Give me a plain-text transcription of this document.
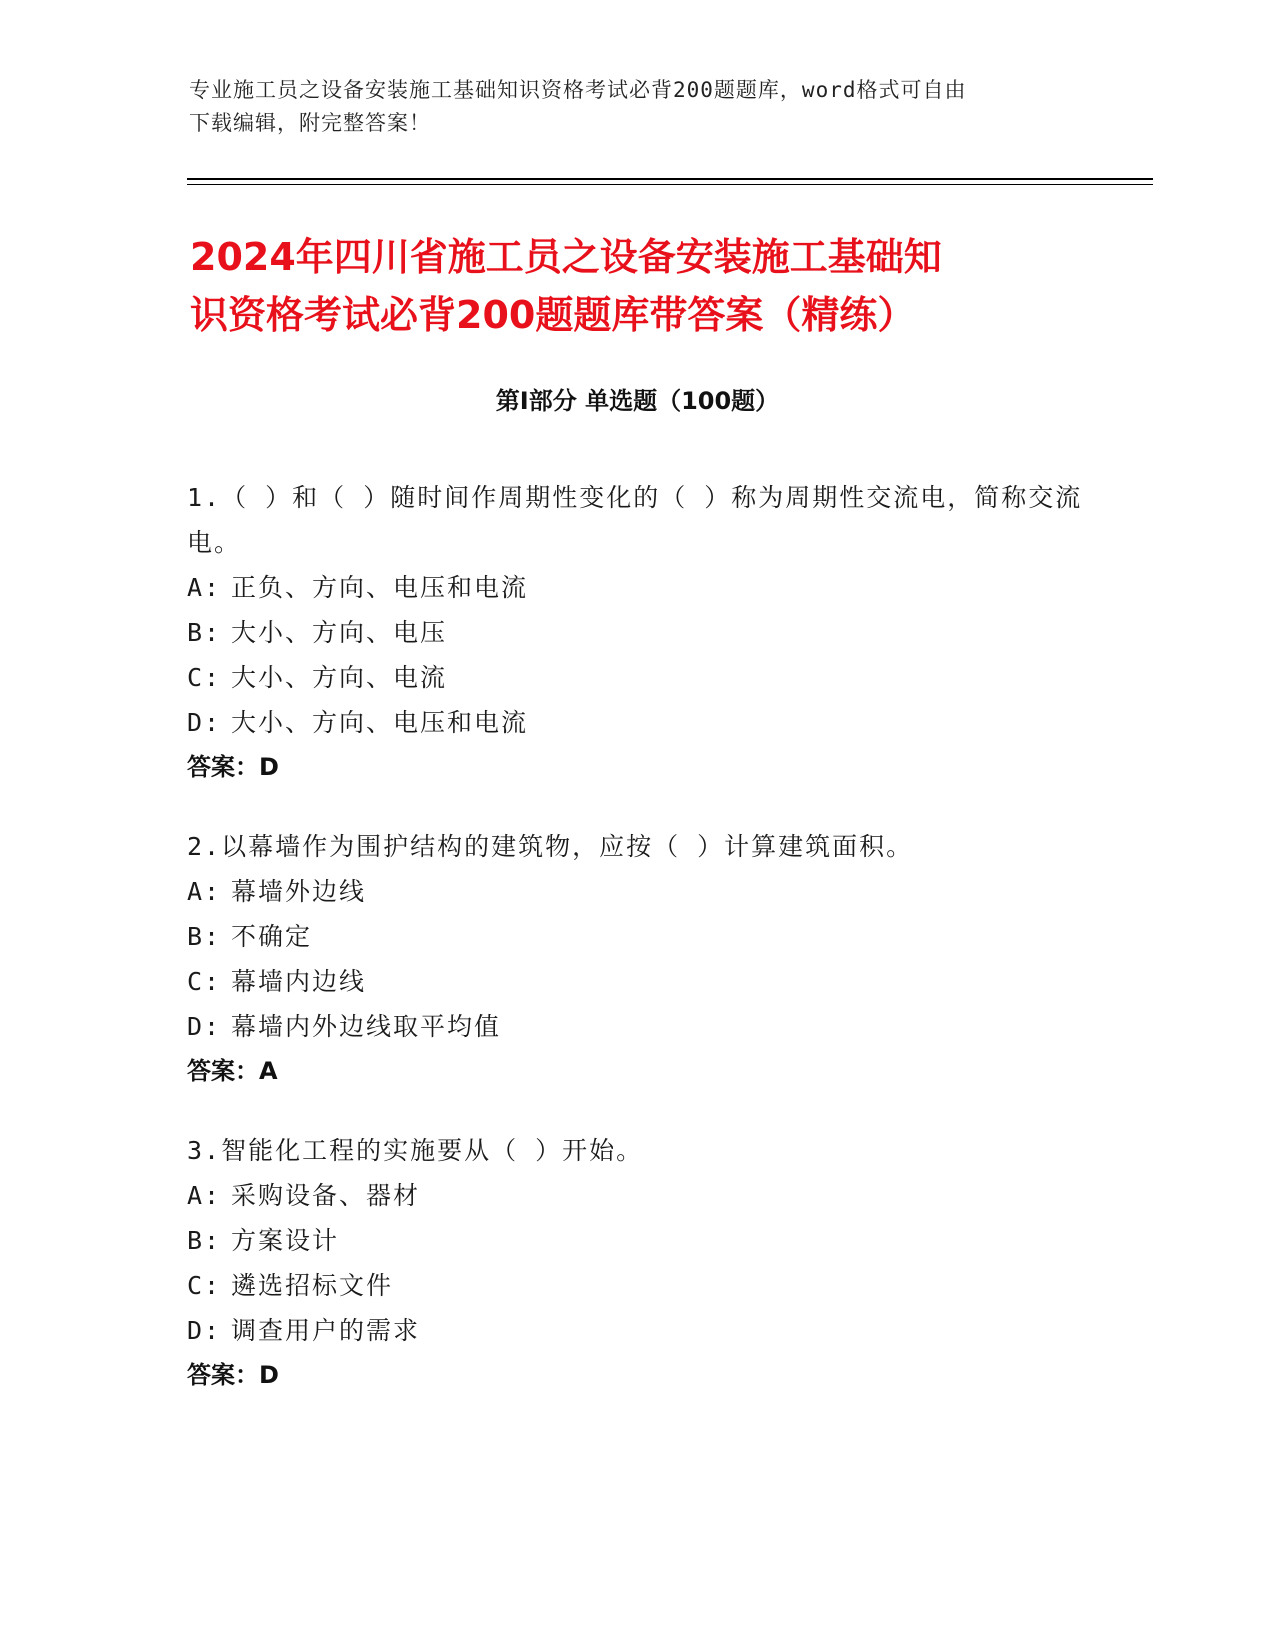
专业施工员之设备安装施工基础知识资格考试必背200题题库，word格式可自由
下载编辑，附完整答案！
2024年四川省施工员之设备安装施工基础知
识资格考试必背200题题库带答案（精练）
第I部分 单选题（100题）

1.（ ）和（ ）随时间作周期性变化的（ ）称为周期性交流电，简称交流电。

A: 正负、方向、电压和电流

B: 大小、方向、电压

C: 大小、方向、电流

D: 大小、方向、电压和电流

答案：D

2.以幕墙作为围护结构的建筑物，应按（ ）计算建筑面积。

A: 幕墙外边线

B: 不确定

C: 幕墙内边线

D: 幕墙内外边线取平均值

答案：A

3.智能化工程的实施要从（ ）开始。

A: 采购设备、器材

B: 方案设计

C: 遴选招标文件

D: 调查用户的需求

答案：D
